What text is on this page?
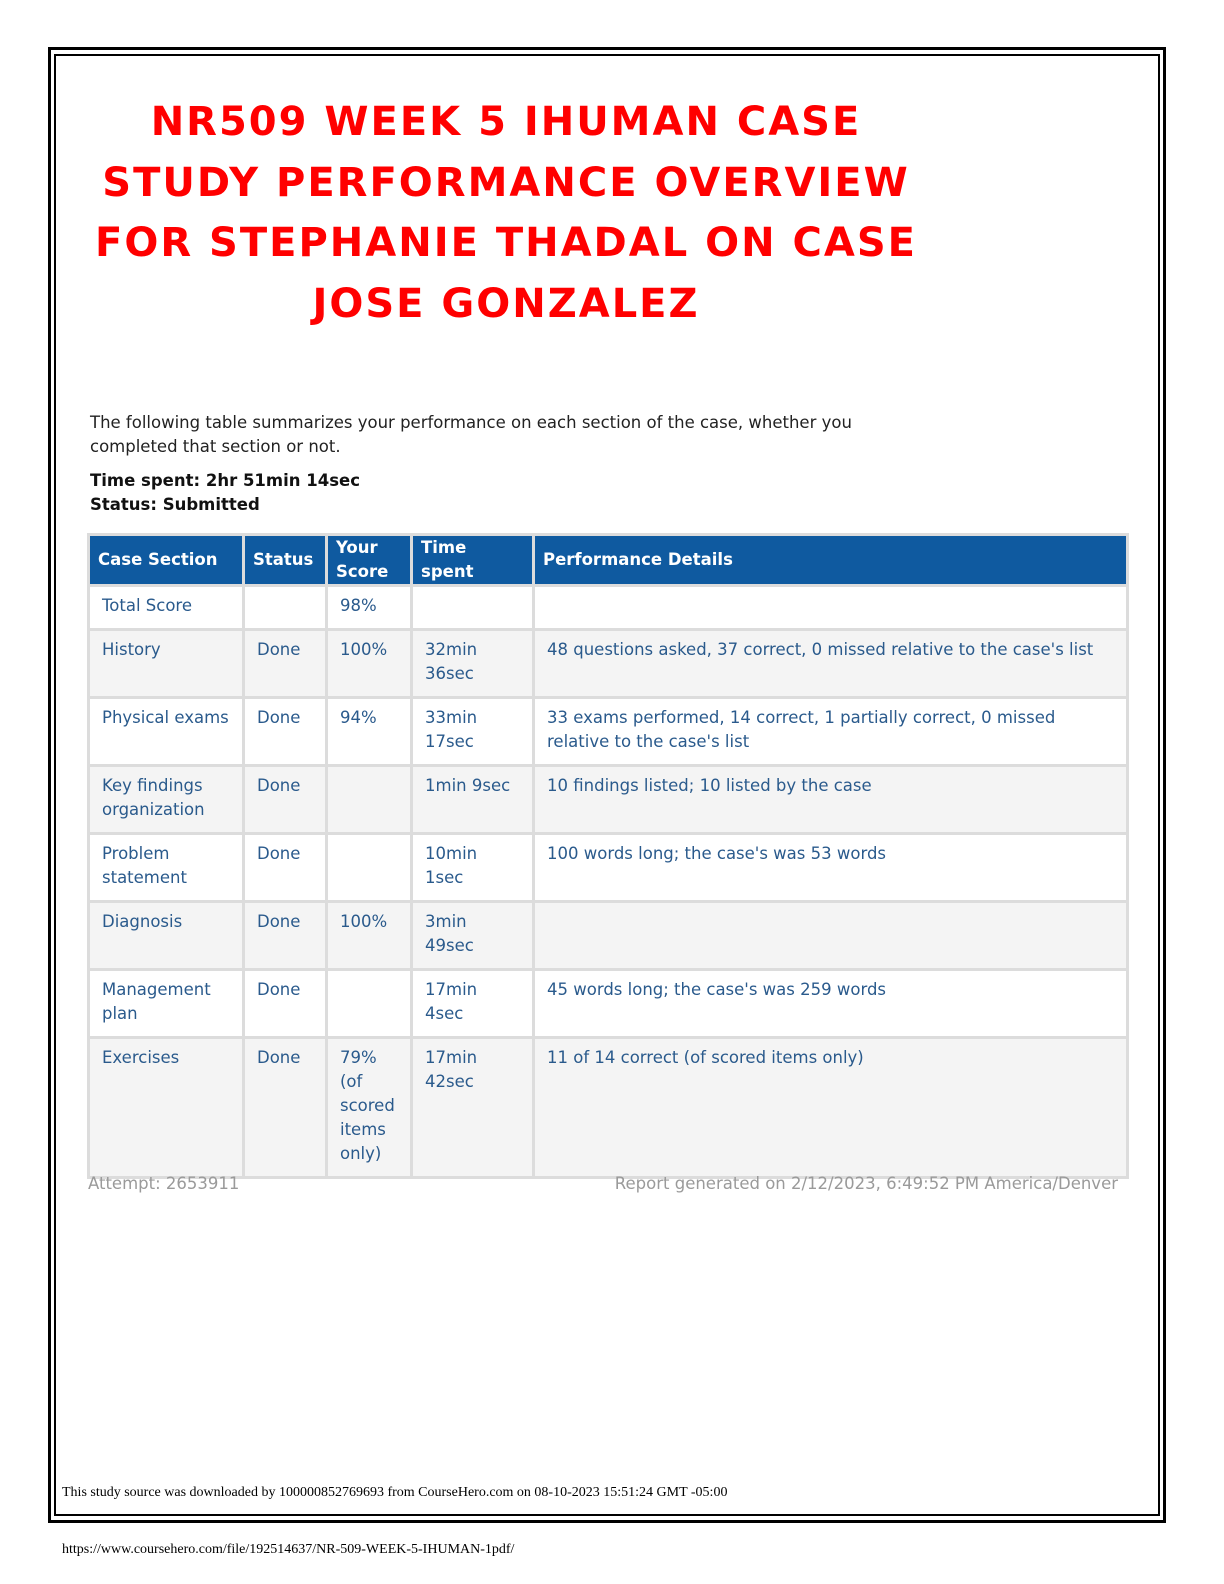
NR509 WEEK 5 IHUMAN CASE STUDY PERFORMANCE OVERVIEW FOR STEPHANIE THADAL ON CASE JOSE GONZALEZ

The following table summarizes your performance on each section of the case, whether you completed that section or not.

Time spent: 2hr 51min 14sec

Status: Submitted

Case Section	Status	Your Score	Time spent	Performance Details
Total Score		98%		
History	Done	100%	32min 36sec	48 questions asked, 37 correct, 0 missed relative to the case's list
Physical exams	Done	94%	33min 17sec	33 exams performed, 14 correct, 1 partially correct, 0 missed relative to the case's list
Key findings organization	Done		1min 9sec	10 findings listed; 10 listed by the case
Problem statement	Done		10min 1sec	100 words long; the case's was 53 words
Diagnosis	Done	100%	3min 49sec	
Management plan	Done		17min 4sec	45 words long; the case's was 259 words
Exercises	Done	79% (of scored items only)	17min 42sec	11 of 14 correct (of scored items only)

Attempt: 2653911	Report generated on 2/12/2023, 6:49:52 PM America/Denver

This study source was downloaded by 100000852769693 from CourseHero.com on 08-10-2023 15:51:24 GMT -05:00

https://www.coursehero.com/file/192514637/NR-509-WEEK-5-IHUMAN-1pdf/
